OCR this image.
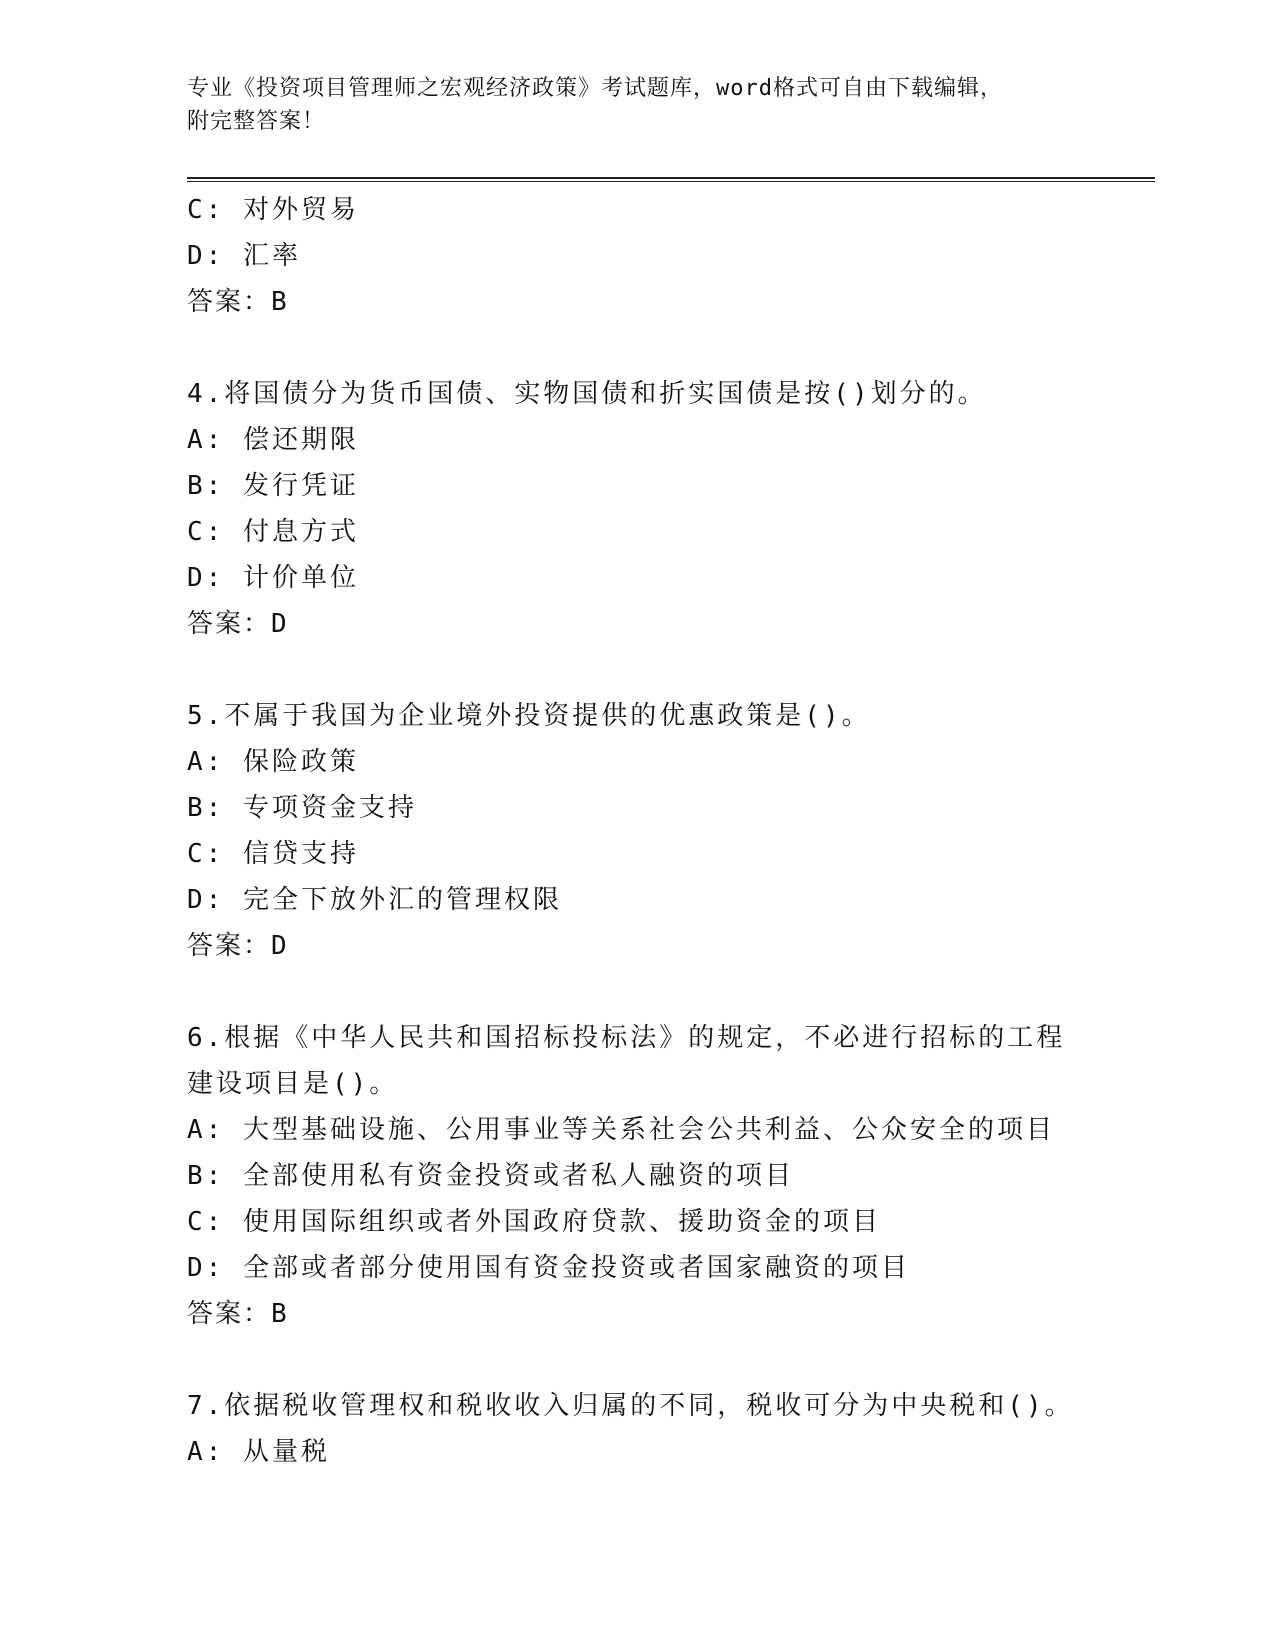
专业《投资项目管理师之宏观经济政策》考试题库，word格式可自由下载编辑，
附完整答案！
C: 对外贸易
D: 汇率
答案：B
4.将国债分为货币国债、实物国债和折实国债是按()划分的。
A: 偿还期限
B: 发行凭证
C: 付息方式
D: 计价单位
答案：D
5.不属于我国为企业境外投资提供的优惠政策是()。
A: 保险政策
B: 专项资金支持
C: 信贷支持
D: 完全下放外汇的管理权限
答案：D
6.根据《中华人民共和国招标投标法》的规定，不必进行招标的工程
建设项目是()。
A: 大型基础设施、公用事业等关系社会公共利益、公众安全的项目
B: 全部使用私有资金投资或者私人融资的项目
C: 使用国际组织或者外国政府贷款、援助资金的项目
D: 全部或者部分使用国有资金投资或者国家融资的项目
答案：B
7.依据税收管理权和税收收入归属的不同，税收可分为中央税和()。
A: 从量税
